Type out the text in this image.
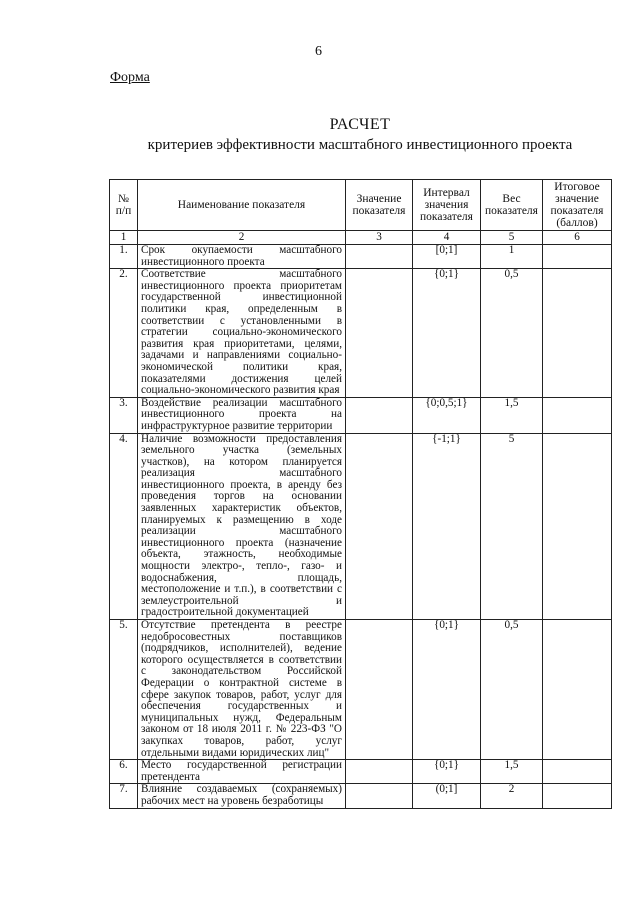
6
Форма
РАСЧЕТ
критериев эффективности масштабного инвестиционного проекта
№ п/п	Наименование показателя	Значение показателя	Интервал значения показателя	Вес показателя	Итоговое значение показателя (баллов)
1	2	3	4	5	6
1.	Срок окупаемости масштабного инвестиционного проекта		[0;1]	1	
2.	Соответствие масштабного инвестиционного проекта приоритетам государственной инвестиционной политики края, определенным в соответствии с установленными в стратегии социально-экономического развития края приоритетами, целями, задачами и направлениями социально-экономической политики края, показателями достижения целей социально-экономического развития края		{0;1}	0,5	
3.	Воздействие реализации масштабного инвестиционного проекта на инфраструктурное развитие территории		{0;0,5;1}	1,5	
4.	Наличие возможности предоставления земельного участка (земельных участков), на котором планируется реализация масштабного инвестиционного проекта, в аренду без проведения торгов на основании заявленных характеристик объектов, планируемых к размещению в ходе реализации масштабного инвестиционного проекта (назначение объекта, этажность, необходимые мощности электро-, тепло-, газо- и водоснабжения, площадь, местоположение и т.п.), в соответствии с землеустроительной и градостроительной документацией		{-1;1}	5	
5.	Отсутствие претендента в реестре недобросовестных поставщиков (подрядчиков, исполнителей), ведение которого осуществляется в соответствии с законодательством Российской Федерации о контрактной системе в сфере закупок товаров, работ, услуг для обеспечения государственных и муниципальных нужд, Федеральным законом от 18 июля 2011 г. № 223-ФЗ "О закупках товаров, работ, услуг отдельными видами юридических лиц"		{0;1}	0,5	
6.	Место государственной регистрации претендента		{0;1}	1,5	
7.	Влияние создаваемых (сохраняемых) рабочих мест на уровень безработицы		(0;1]	2	
